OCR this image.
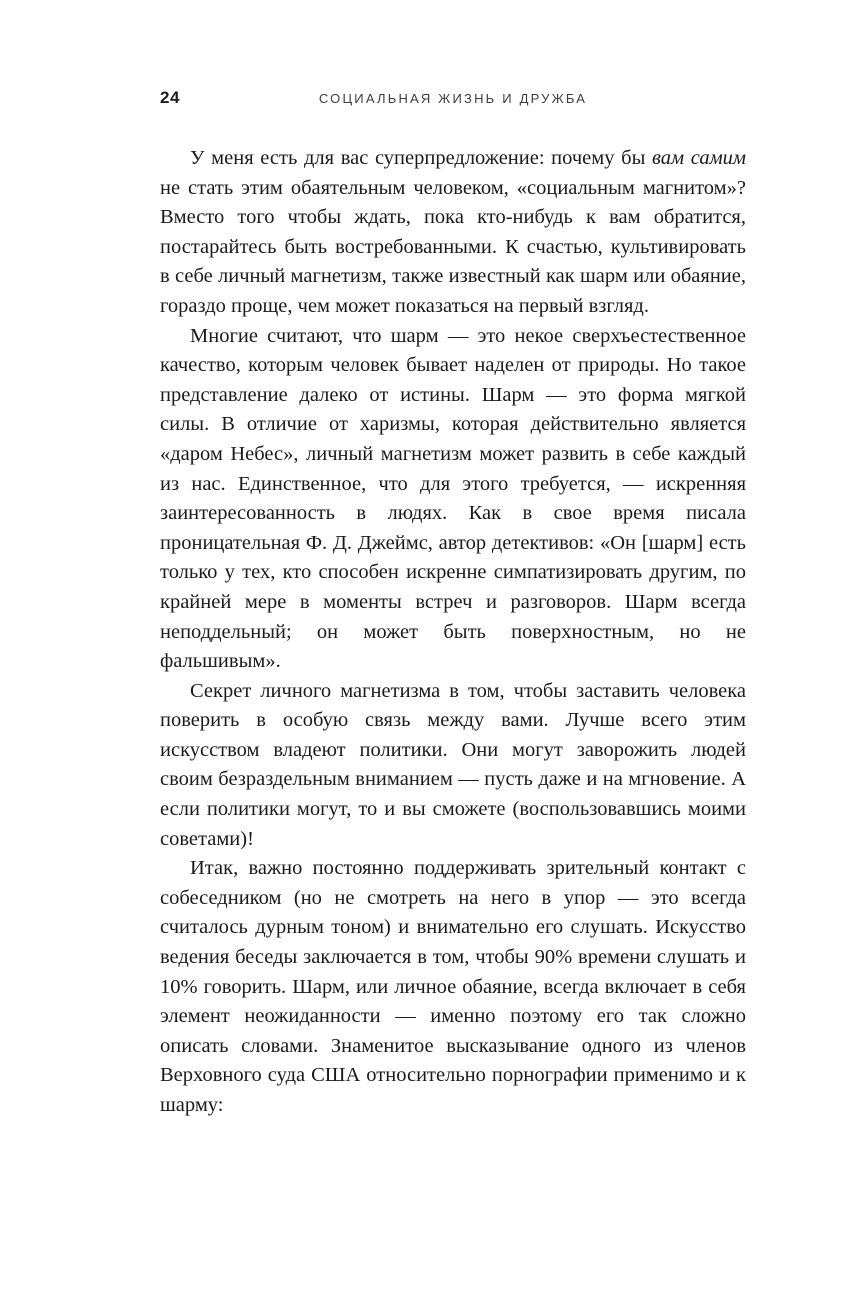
24	СОЦИАЛЬНАЯ ЖИЗНЬ И ДРУЖБА

У меня есть для вас суперпредложение: почему бы вам самим не стать этим обаятельным человеком, «социальным магнитом»? Вместо того чтобы ждать, пока кто-нибудь к вам обратится, постарайтесь быть востребованными. К счастью, культивировать в себе личный магнетизм, также известный как шарм или обаяние, гораздо проще, чем может показаться на первый взгляд.

Многие считают, что шарм — это некое сверхъестественное качество, которым человек бывает наделен от природы. Но такое представление далеко от истины. Шарм — это форма мягкой силы. В отличие от харизмы, которая действительно является «даром Небес», личный магнетизм может развить в себе каждый из нас. Единственное, что для этого требуется, — искренняя заинтересованность в людях. Как в свое время писала проницательная Ф. Д. Джеймс, автор детективов: «Он [шарм] есть только у тех, кто способен искренне симпатизировать другим, по крайней мере в моменты встреч и разговоров. Шарм всегда неподдельный; он может быть поверхностным, но не фальшивым».

Секрет личного магнетизма в том, чтобы заставить человека поверить в особую связь между вами. Лучше всего этим искусством владеют политики. Они могут заворожить людей своим безраздельным вниманием — пусть даже и на мгновение. А если политики могут, то и вы сможете (воспользовавшись моими советами)!

Итак, важно постоянно поддерживать зрительный контакт с собеседником (но не смотреть на него в упор — это всегда считалось дурным тоном) и внимательно его слушать. Искусство ведения беседы заключается в том, чтобы 90% времени слушать и 10% говорить. Шарм, или личное обаяние, всегда включает в себя элемент неожиданности — именно поэтому его так сложно описать словами. Знаменитое высказывание одного из членов Верховного суда США относительно порнографии применимо и к шарму:
